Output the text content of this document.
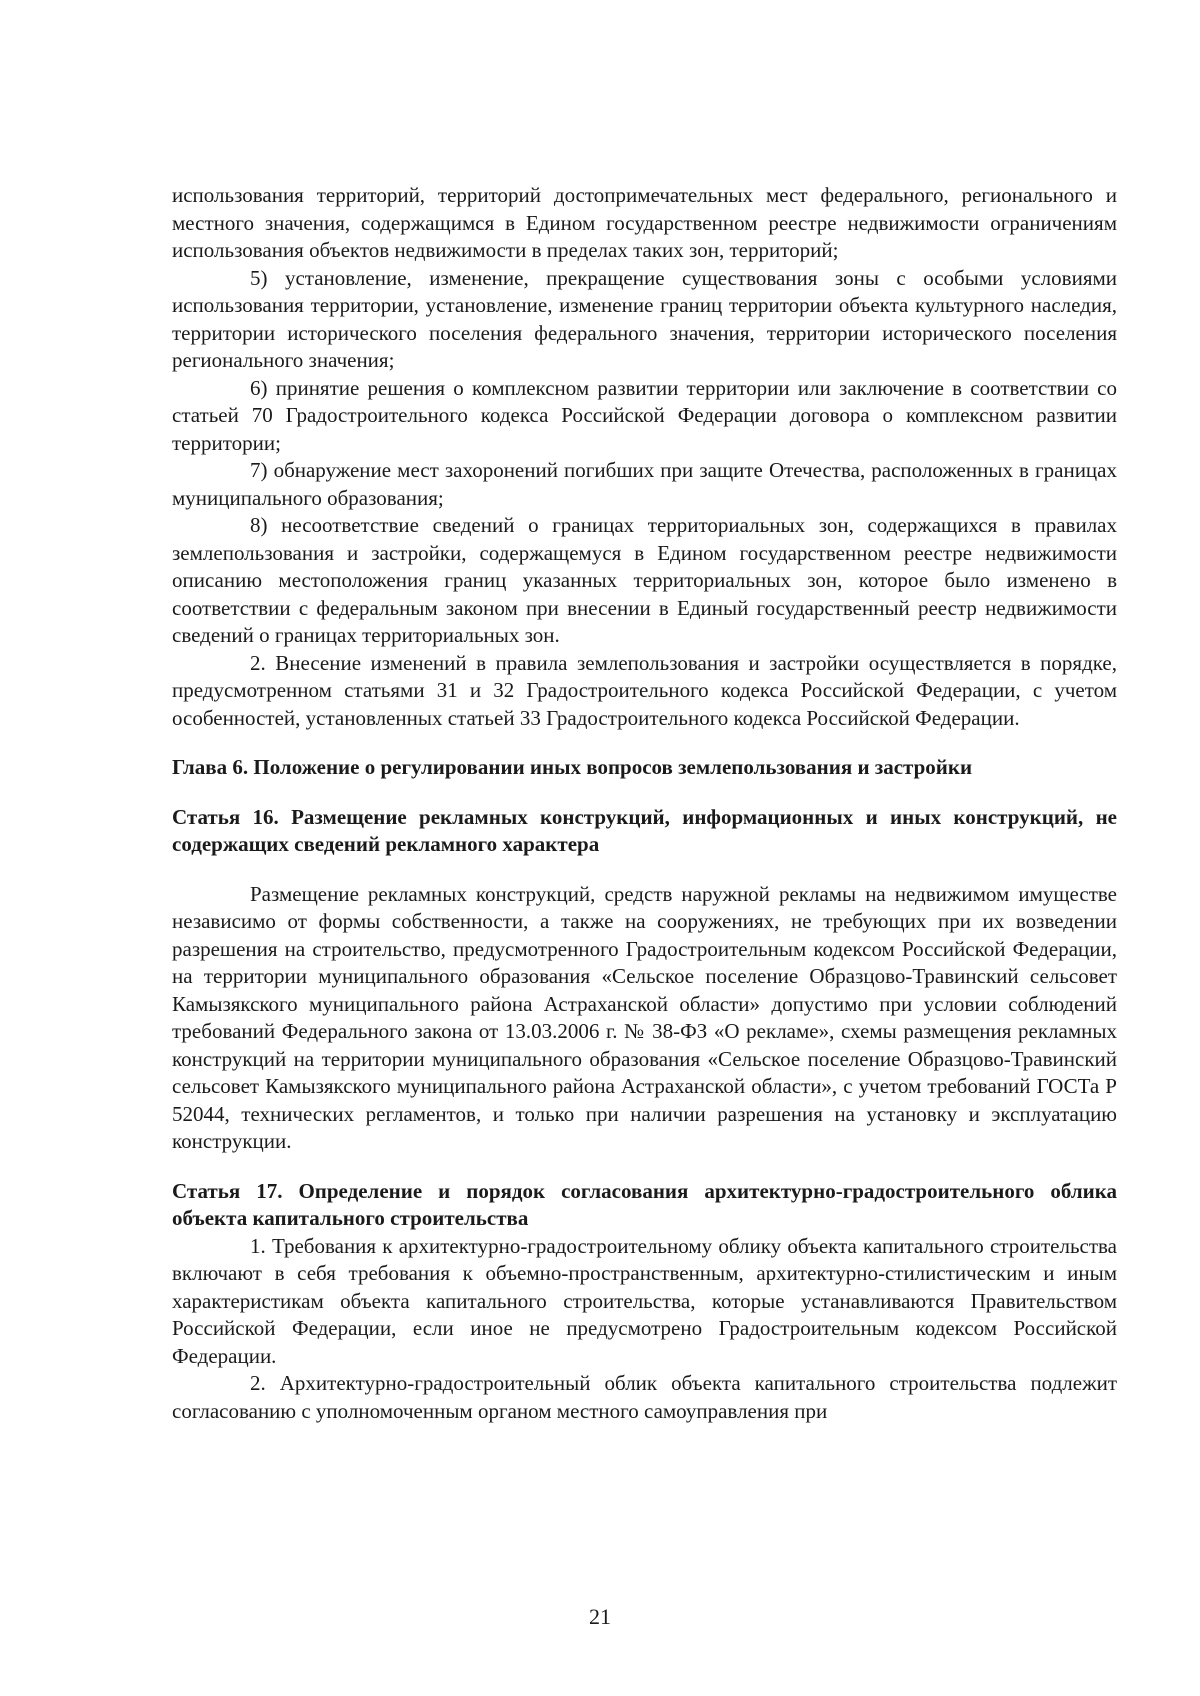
использования территорий, территорий достопримечательных мест федерального, регионального и местного значения, содержащимся в Едином государственном реестре недвижимости ограничениям использования объектов недвижимости в пределах таких зон, территорий;

5) установление, изменение, прекращение существования зоны с особыми условиями использования территории, установление, изменение границ территории объекта культурного наследия, территории исторического поселения федерального значения, территории исторического поселения регионального значения;

6) принятие решения о комплексном развитии территории или заключение в соответствии со статьей 70 Градостроительного кодекса Российской Федерации договора о комплексном развитии территории;

7) обнаружение мест захоронений погибших при защите Отечества, расположенных в границах муниципального образования;

8) несоответствие сведений о границах территориальных зон, содержащихся в правилах землепользования и застройки, содержащемуся в Едином государственном реестре недвижимости описанию местоположения границ указанных территориальных зон, которое было изменено в соответствии с федеральным законом при внесении в Единый государственный реестр недвижимости сведений о границах территориальных зон.

2. Внесение изменений в правила землепользования и застройки осуществляется в порядке, предусмотренном статьями 31 и 32 Градостроительного кодекса Российской Федерации, с учетом особенностей, установленных статьей 33 Градостроительного кодекса Российской Федерации.

Глава 6. Положение о регулировании иных вопросов землепользования и застройки

Статья 16. Размещение рекламных конструкций, информационных и иных конструкций, не содержащих сведений рекламного характера

Размещение рекламных конструкций, средств наружной рекламы на недвижимом имуществе независимо от формы собственности, а также на сооружениях, не требующих при их возведении разрешения на строительство, предусмотренного Градостроительным кодексом Российской Федерации, на территории муниципального образования «Сельское поселение Образцово-Травинский сельсовет Камызякского муниципального района Астраханской области» допустимо при условии соблюдений требований Федерального закона от 13.03.2006 г. № 38-ФЗ «О рекламе», схемы размещения рекламных конструкций на территории муниципального образования «Сельское поселение Образцово-Травинский сельсовет Камызякского муниципального района Астраханской области», с учетом требований ГОСТа Р 52044, технических регламентов, и только при наличии разрешения на установку и эксплуатацию конструкции.

Статья 17. Определение и порядок согласования архитектурно-градостроительного облика объекта капитального строительства

1. Требования к архитектурно-градостроительному облику объекта капитального строительства включают в себя требования к объемно-пространственным, архитектурно-стилистическим и иным характеристикам объекта капитального строительства, которые устанавливаются Правительством Российской Федерации, если иное не предусмотрено Градостроительным кодексом Российской Федерации.

2. Архитектурно-градостроительный облик объекта капитального строительства подлежит согласованию с уполномоченным органом местного самоуправления при

21
